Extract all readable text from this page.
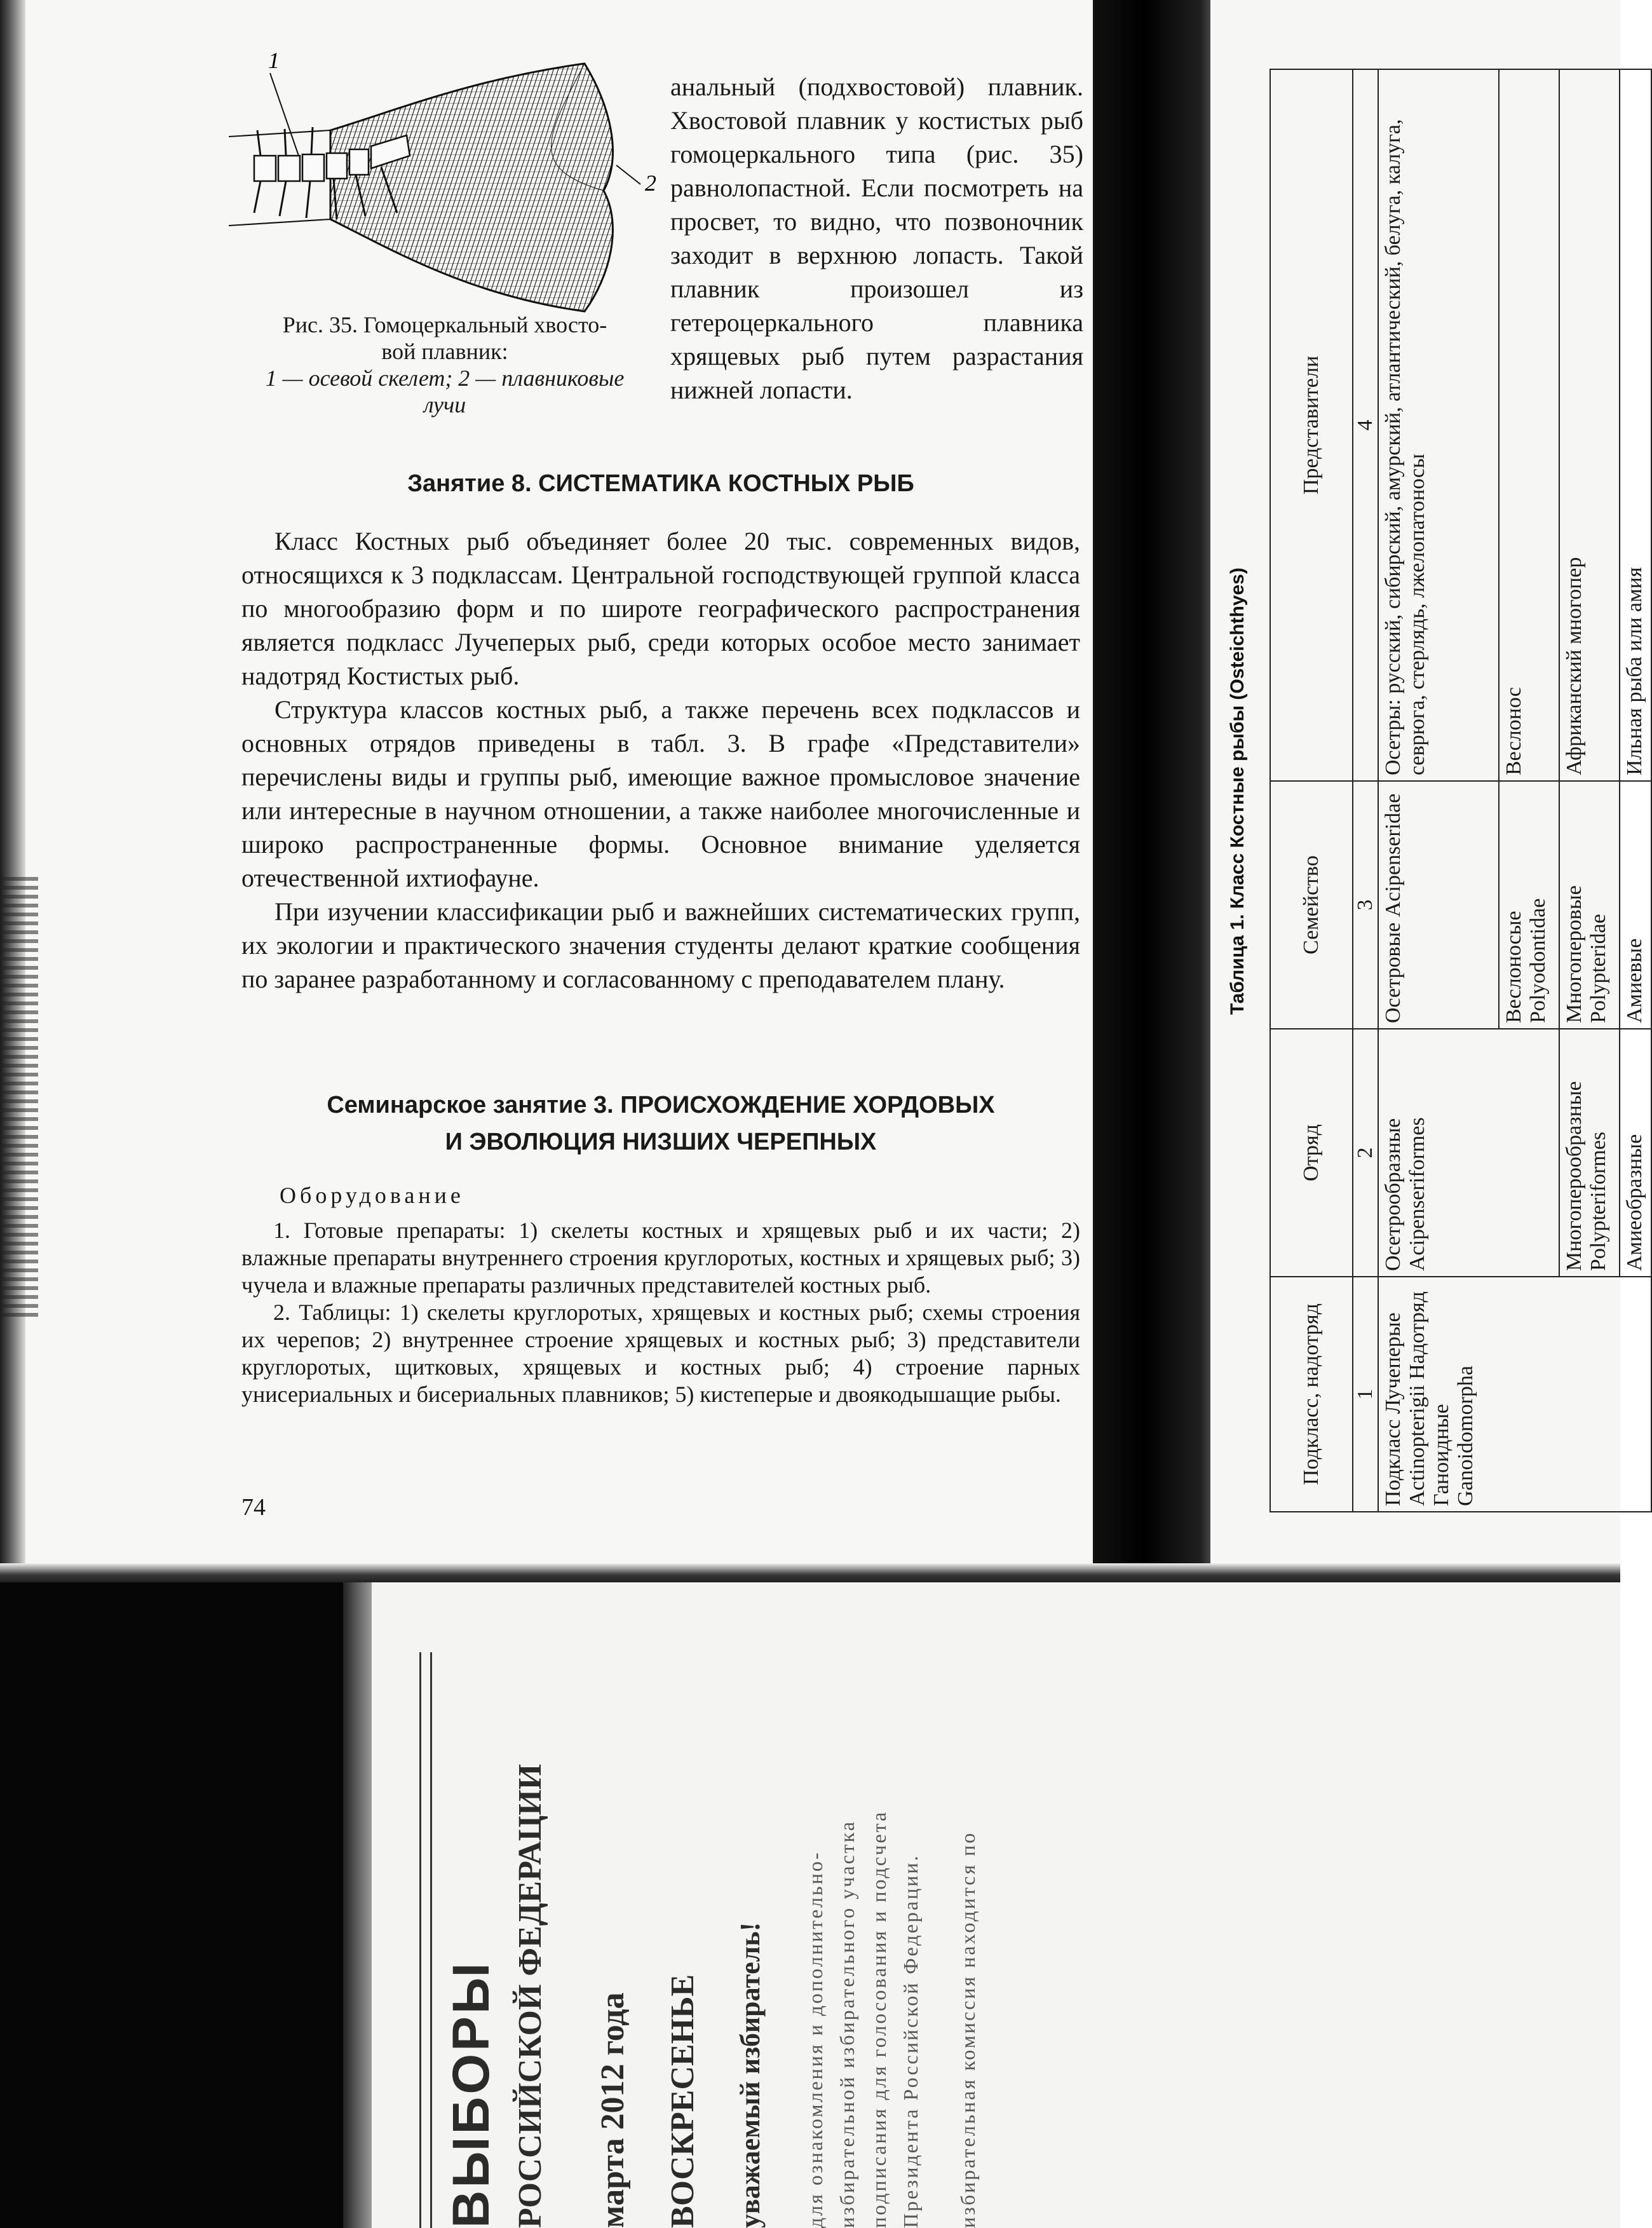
1
2
Рис. 35. Гомоцеркальный хвосто-
вой плавник:
1 — осевой скелет; 2 — плавниковые лучи

анальный (подхвостовой) плавник. Хвостовой плавник у костистых рыб гомоцеркального типа (рис. 35) равнолопастной. Если посмотреть на просвет, то видно, что позвоночник заходит в верхнюю лопасть. Такой плавник произошел из гетероцеркального плавника хрящевых рыб путем разрастания нижней лопасти.

Занятие 8. СИСТЕМАТИКА КОСТНЫХ РЫБ

Класс Костных рыб объединяет более 20 тыс. современных видов, относящихся к 3 подклассам. Центральной господствующей группой класса по многообразию форм и по широте географического распространения является подкласс Лучеперых рыб, среди которых особое место занимает надотряд Костистых рыб.

Структура классов костных рыб, а также перечень всех подклассов и основных отрядов приведены в табл. 3. В графе «Представители» перечислены виды и группы рыб, имеющие важное промысловое значение или интересные в научном отношении, а также наиболее многочисленные и широко распространенные формы. Основное внимание уделяется отечественной ихтиофауне.

При изучении классификации рыб и важнейших систематических групп, их экологии и практического значения студенты делают краткие сообщения по заранее разработанному и согласованному с преподавателем плану.

Семинарское занятие 3. ПРОИСХОЖДЕНИЕ ХОРДОВЫХ
И ЭВОЛЮЦИЯ НИЗШИХ ЧЕРЕПНЫХ
Оборудование

1. Готовые препараты: 1) скелеты костных и хрящевых рыб и их части; 2) влажные препараты внутреннего строения круглоротых, костных и хрящевых рыб; 3) чучела и влажные препараты различных представителей костных рыб.

2. Таблицы: 1) скелеты круглоротых, хрящевых и костных рыб; схемы строения их черепов; 2) внутреннее строение хрящевых и костных рыб; 3) представители круглоротых, щитковых, хрящевых и костных рыб; 4) строение парных унисериальных и бисериальных плавников; 5) кистеперые и двоякодышащие рыбы.

74
Таблица 1. Класс Костные рыбы (Osteichthyes)
Подкласс, надотряд	Отряд	Семейство	Представители
1	2	3	4
Подкласс Лучеперые Actinopterigii Надотряд Ганоидные Ganoidomorpha	Осетрообразные Acipenseriformes	Осетровые Acipenseridae	Осетры: русский, сибирский, амурский, атлантический, белуга, калуга, севрюга, стерлядь, лжелопатоносы
		Веслоносые Polyodontidae	Веслонос
	Многоперообразные Polypteriformes	Многоперовые Polypteridae	Африканский многопер
	Амиеобразные	Амиевые	Ильная рыба или амия
ВЫБОРЫ РОССИЙСКОЙ ФЕДЕРАЦИИ марта 2012 года ВОСКРЕСЕНЬЕ уважаемый избиратель! для ознакомления и дополнительно- избирательной избирательного участка подписания для голосования и подсчета Президента Российской Федерации. избирательная комиссия находится по
